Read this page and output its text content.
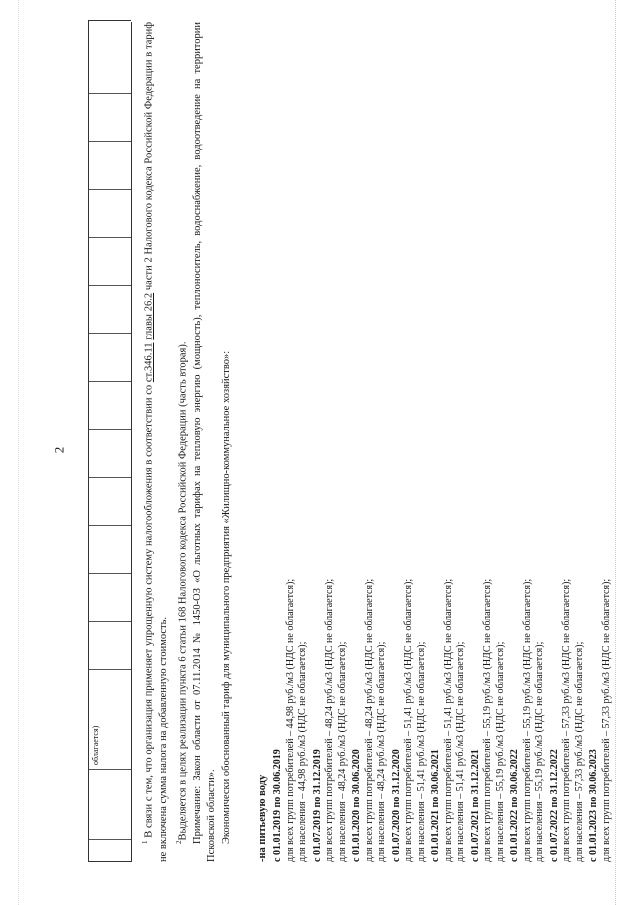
2
облагается)

$^1$ В связи с тем, что организация применяет упрощенную систему налогообложения в соответствии со ст.346.11 главы 26.2 части 2 Налогового кодекса Российской Федерации в тариф не включена сумма налога на добавленную стоимость. $^2$Выделяется в целях реализации пункта 6 статьи 168 Налогового кодекса Российской Федерации (часть вторая). Примечание: Закон области от 07.11.2014 № 1450-ОЗ «О льготных тарифах на тепловую энергию (мощность), теплоноситель, водоснабжение, водоотведение на территории Псковской области». Экономически обоснованный тариф для муниципального предприятия «Жилищно-коммунальное хозяйство»: -на питьевую воду с 01.01.2019 по 30.06.2019 для всех групп потребителей – 44,98 руб./м3 (НДС не облагается); для населения – 44,98 руб./м3 (НДС не облагается); с 01.07.2019 по 31.12.2019 для всех групп потребителей – 48,24 руб./м3 (НДС не облагается); для населения – 48,24 руб./м3 (НДС не облагается); с 01.01.2020 по 30.06.2020 для всех групп потребителей – 48,24 руб./м3 (НДС не облагается); для населения – 48,24 руб./м3 (НДС не облагается); с 01.07.2020 по 31.12.2020 для всех групп потребителей – 51,41 руб./м3 (НДС не облагается); для населения – 51,41 руб./м3 (НДС не облагается); с 01.01.2021 по 30.06.2021 для всех групп потребителей – 51,41 руб./м3 (НДС не облагается); для населения – 51,41 руб./м3 (НДС не облагается); с 01.07.2021 по 31.12.2021 для всех групп потребителей – 55,19 руб./м3 (НДС не облагается); для населения – 55,19 руб./м3 (НДС не облагается); с 01.01.2022 по 30.06.2022 для всех групп потребителей – 55,19 руб./м3 (НДС не облагается); для населения – 55,19 руб./м3 (НДС не облагается); с 01.07.2022 по 31.12.2022 для всех групп потребителей – 57,33 руб./м3 (НДС не облагается); для населения – 57,33 руб./м3 (НДС не облагается); с 01.01.2023 по 30.06.2023 для всех групп потребителей – 57,33 руб./м3 (НДС не облагается);
